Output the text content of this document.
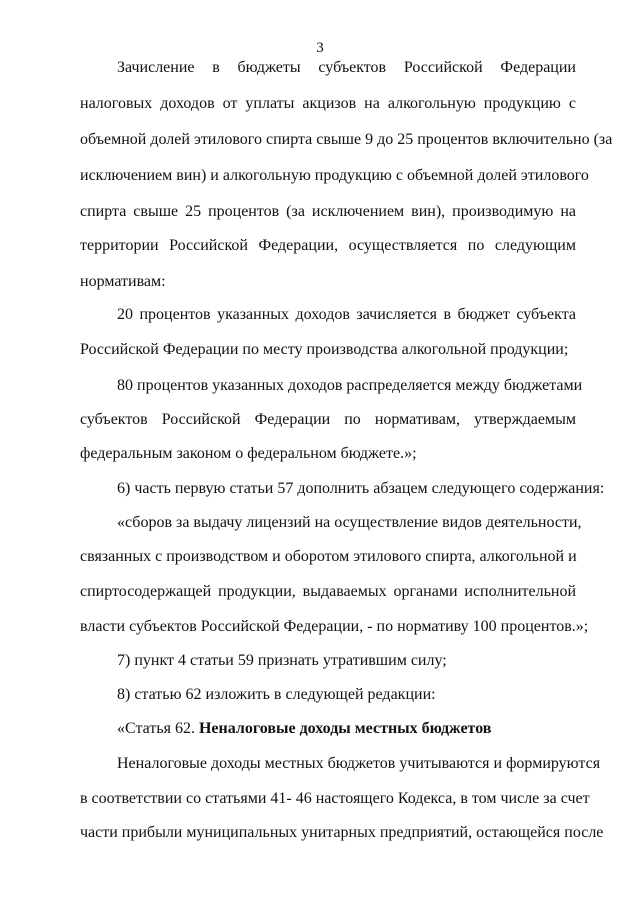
3
Зачисление в бюджеты субъектов Российской Федерации
налоговых доходов от уплаты акцизов на алкогольную продукцию с
объемной долей этилового спирта свыше 9 до 25 процентов включительно (за
исключением вин) и алкогольную продукцию с объемной долей этилового
спирта свыше 25 процентов (за исключением вин), производимую на
территории Российской Федерации, осуществляется по следующим
нормативам:
20 процентов указанных доходов зачисляется в бюджет субъекта
Российской Федерации по месту производства алкогольной продукции;
80 процентов указанных доходов распределяется между бюджетами
субъектов Российской Федерации по нормативам, утверждаемым
федеральным законом о федеральном бюджете.»;
6) часть первую статьи 57 дополнить абзацем следующего содержания:
«сборов за выдачу лицензий на осуществление видов деятельности,
связанных с производством и оборотом этилового спирта, алкогольной и
спиртосодержащей продукции, выдаваемых органами исполнительной
власти субъектов Российской Федерации, - по нормативу 100 процентов.»;
7) пункт 4 статьи 59 признать утратившим силу;
8) статью 62 изложить в следующей редакции:
«Статья 62. Неналоговые доходы местных бюджетов
Неналоговые доходы местных бюджетов учитываются и формируются
в соответствии со статьями 41- 46 настоящего Кодекса, в том числе за счет
части прибыли муниципальных унитарных предприятий, остающейся после
